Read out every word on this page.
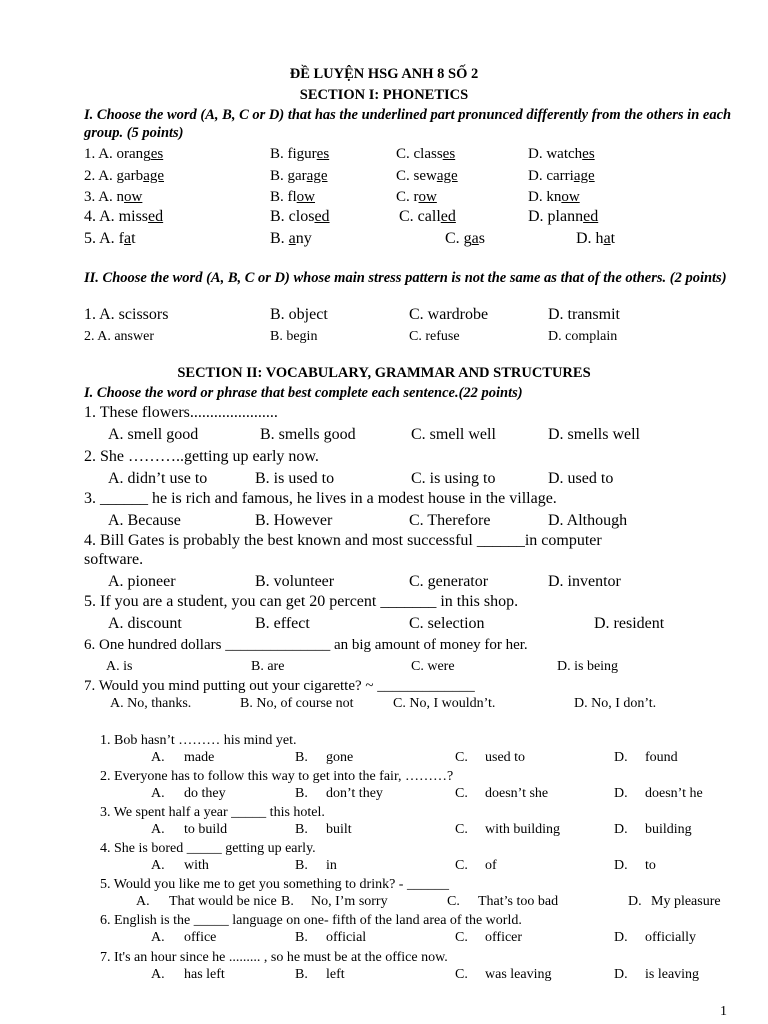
ĐỀ LUYỆN HSG ANH 8 SỐ 2
SECTION I: PHONETICS
I. Choose the word (A, B, C or D) that has the underlined part pronunced differently from the others in each group. (5 points)
1. A. oranges	B. figures	C. classes	D. watches
2. A. garbage	B. garage	C. sewage	D. carriage
3. A. now	B. flow	C. row	D. know
4. A. missed	B. closed	C. called	D. planned
5. A. fat	B. any	C. gas	D. hat
II. Choose the word (A, B, C or D) whose main stress pattern is not the same as that of the others. (2 points)
1. A. scissors	B. object	C. wardrobe	D. transmit
2. A. answer	B. begin	C. refuse	D. complain
SECTION II: VOCABULARY, GRAMMAR AND STRUCTURES
I. Choose the word or phrase that best complete each sentence.(22 points)
1. These flowers......................
A. smell good	B. smells good	C. smell well	D. smells well
2. She ………..getting up early now.
A. didn’t use to	B. is used to	C. is using to	D. used to
3. ______ he is rich and famous, he lives in a modest house in the village.
A. Because	B. However	C. Therefore	D. Although
4. Bill Gates is probably the best known and most successful ______in computer
software.
A. pioneer	B. volunteer	C. generator	D. inventor
5. If you are a student, you can get 20 percent _______ in this shop.
A. discount	B. effect	C. selection	D. resident
6. One hundred dollars ______________ an big amount of money for her.
A. is	B. are	C. were	D. is being
7. Would you mind putting out your cigarette? ~ _____________
A. No, thanks.	B. No, of course not	C. No, I wouldn’t.	D. No, I don’t.
1. Bob hasn’t ……… his mind yet.
A. made	B. gone	C. used to	D. found
2. Everyone has to follow this way to get into the fair, ………?
A. do they	B. don’t they	C. doesn’t she	D. doesn’t he
3. We spent half a year _____ this hotel.
A. to build	B. built	C. with building	D. building
4. She is bored _____ getting up early.
A. with	B. in	C. of	D. to
5. Would you like me to get you something to drink? - ______
A. That would be nice B. No, I’m sorry	C. That’s too bad	D. My pleasure
6. English is the _____ language on one- fifth of the land area of the world.
A. office	B. official	C. officer	D. officially
7. It's an hour since he ......... , so he must be at the office now.
A. has left	B. left	C. was leaving	D. is leaving
1
